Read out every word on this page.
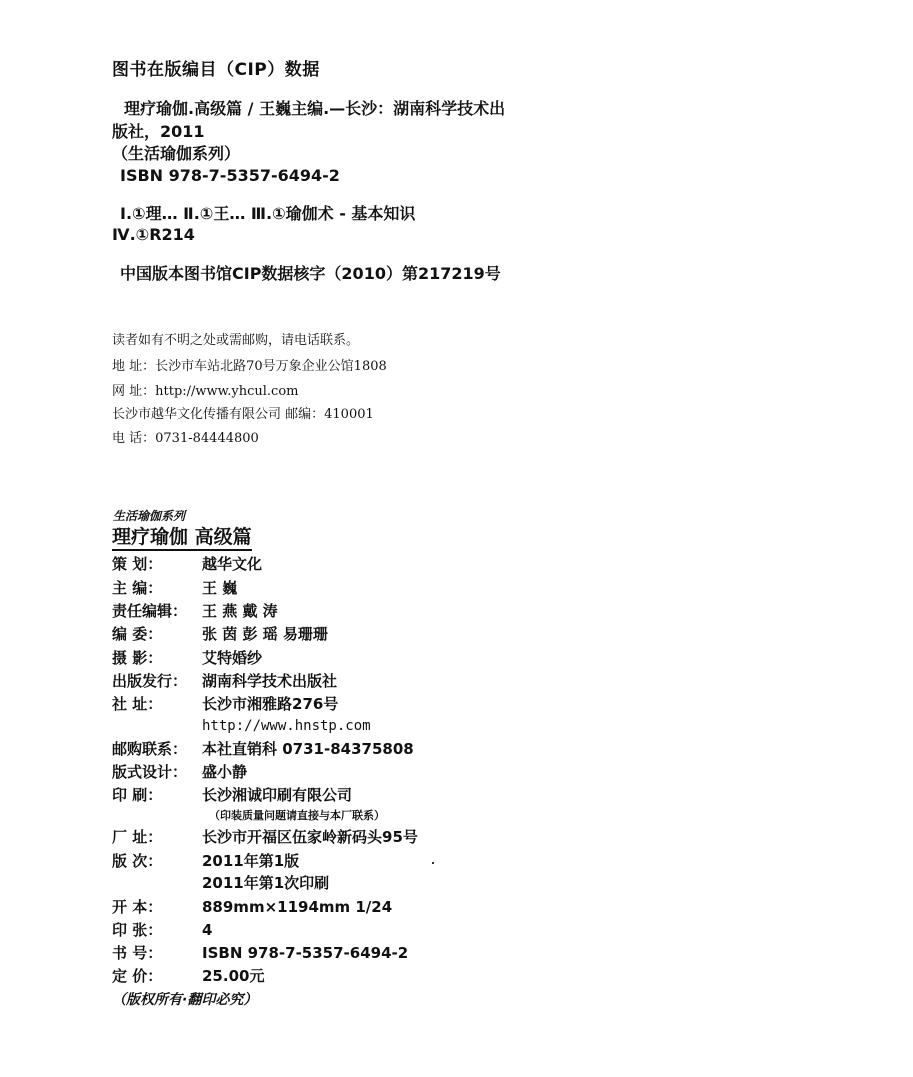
图书在版编目（CIP）数据
理疗瑜伽.高级篇 / 王巍主编.—长沙：湖南科学技术出
版社，2011
（生活瑜伽系列）
ISBN 978-7-5357-6494-2
Ⅰ.①理… Ⅱ.①王… Ⅲ.①瑜伽术 - 基本知识
Ⅳ.①R214
中国版本图书馆CIP数据核字（2010）第217219号
读者如有不明之处或需邮购，请电话联系。
地 址：长沙市车站北路70号万象企业公馆1808
网 址：http://www.yhcul.com
长沙市越华文化传播有限公司 邮编：410001
电 话：0731-84444800
生活瑜伽系列
理疗瑜伽 高级篇
策 划：	越华文化
主 编：	王 巍
责任编辑： 王 燕 戴 涛
编 委：	张 茵 彭 瑶 易珊珊
摄 影：	艾特婚纱
出版发行： 湖南科学技术出版社
社 址：	长沙市湘雅路276号
http://www.hnstp.com
邮购联系： 本社直销科 0731-84375808
版式设计： 盛小静
印 刷：	长沙湘诚印刷有限公司
（印装质量问题请直接与本厂联系）
厂 址：	长沙市开福区伍家岭新码头95号
版 次：	2011年第1版
2011年第1次印刷
开 本：	889mm×1194mm 1/24
印 张：	4
书 号：	ISBN 978-7-5357-6494-2
定 价：	25.00元
（版权所有·翻印必究）
